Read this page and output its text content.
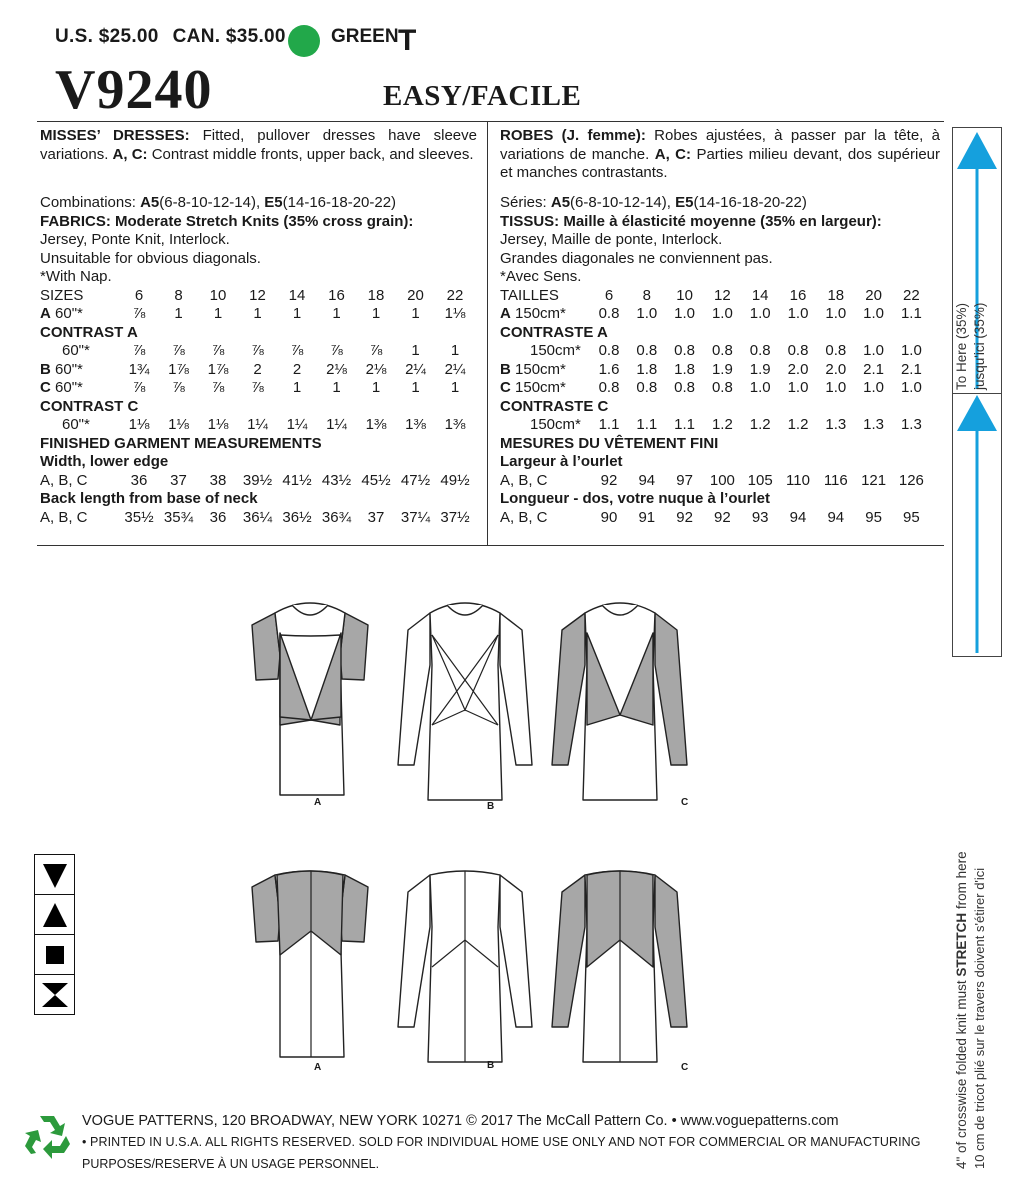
U.S. $25.00 CAN. $35.00	GREEN T
V9240	EASY/FACILE

MISSES’ DRESSES: Fitted, pullover dresses have sleeve variations. A, C: Contrast middle fronts, upper back, and sleeves.

Combinations: A5(6-8-10-12-14), E5(14-16-18-20-22)
FABRICS: Moderate Stretch Knits (35% cross grain):
Jersey, Ponte Knit, Interlock.
Unsuitable for obvious diagonals.
*With Nap.
SIZES	6	8	10	12	14	16	18	20	22
A 60"*	⅞	1	1	1	1	1	1	1	1⅛
CONTRAST A
60"*	⅞	⅞	⅞	⅞	⅞	⅞	⅞	1	1
B 60"*	1¾	1⅞	1⅞	2	2	2⅛	2⅛	2¼	2¼
C 60"*	⅞	⅞	⅞	⅞	1	1	1	1	1
CONTRAST C
60"*	1⅛	1⅛	1⅛	1¼	1¼	1¼	1⅜	1⅜	1⅜
FINISHED GARMENT MEASUREMENTS
Width, lower edge
A, B, C	36	37	38	39½ 41½ 43½ 45½ 47½ 49½
Back length from base of neck
A, B, C 35½ 35¾	36	36¼ 36½ 36¾	37	37¼ 37½

ROBES (J. femme): Robes ajustées, à passer par la tête, à variations de manche. A, C: Parties milieu devant, dos supérieur et manches contrastants.

Séries: A5(6-8-10-12-14), E5(14-16-18-20-22)
TISSUS: Maille à élasticité moyenne (35% en largeur):
Jersey, Maille de ponte, Interlock.
Grandes diagonales ne conviennent pas.
*Avec Sens.
TAILLES	6	8	10	12	14	16	18	20	22
A 150cm*	0.8	1.0	1.0	1.0	1.0	1.0	1.0	1.0	1.1
CONTRASTE A
150cm*	0.8	0.8	0.8	0.8	0.8	0.8	0.8	1.0	1.0
B 150cm*	1.6	1.8	1.8	1.9	1.9	2.0	2.0	2.1	2.1
C 150cm*	0.8	0.8	0.8	0.8	1.0	1.0	1.0	1.0	1.0
CONTRASTE C
150cm*	1.1	1.1	1.1	1.2	1.2	1.2	1.3	1.3	1.3
MESURES DU VÊTEMENT FINI
Largeur à l’ourlet
A, B, C	92	94	97	100 105 110 116 121 126
Longueur - dos, votre nuque à l’ourlet
A, B, C	90	91	92	92	93	94	94	95	95
To Here (35%) jusqu'ici (35%)
4" of crosswise folded knit must STRETCH from here 10 cm de tricot plié sur le travers doivent s'étirer d'ici
A	B	C
A	B	C
VOGUE PATTERNS, 120 BROADWAY, NEW YORK 10271 © 2017 The McCall Pattern Co. • www.voguepatterns.com
• PRINTED IN U.S.A. ALL RIGHTS RESERVED. SOLD FOR INDIVIDUAL HOME USE ONLY AND NOT FOR COMMERCIAL OR MANUFACTURING
PURPOSES/RESERVE À UN USAGE PERSONNEL.
